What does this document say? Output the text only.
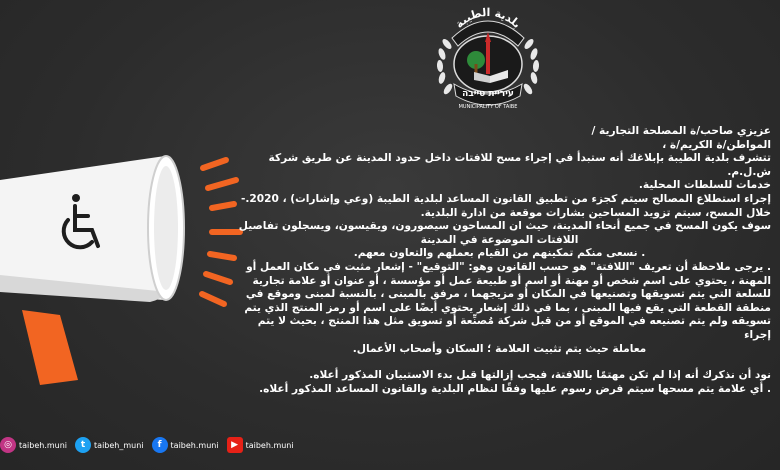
بلدية الطيبة
עיריית טייבה
MUNICIPALITY OF TAIBE

عزيزي صاحب/ة المصلحة التجارية /

المواطن/ة الكريم/ة ،

تتشرف بلدية الطيبة بإبلاغك أنه ستبدأ في إجراء مسح للافتات داخل حدود المدينة عن طريق شركة ش.ل.م.

خدمات للسلطات المحلية.

إجراء استطلاع المصالح سيتم كجزء من تطبيق القانون المساعد لبلدية الطيبة (وعي وإشارات) ، 2020.-

خلال المسح، سيتم تزويد المساحين بشارات موقعة من ادارة البلدية.

سوف يكون المسح في جميع أنحاء المدينة، حيث ان المساحون سيصورون، ويقيسون، ويسجلون تفاصيل

اللافتات الموضوعة في المدينة

. نسعى منكم تمكينهم من القيام بعملهم والتعاون معهم.

. يرجى ملاحظة أن تعريف "اللافتة" هو حسب القانون وهو: "التوقيع" - إشعار مثبت في مكان العمل أو

المهنة ، يحتوي على اسم شخص أو مهنة أو اسم أو طبيعة عمل أو مؤسسة ، أو عنوان أو علامة تجارية

للسلعة التي يتم تسويقها وتصنيعها في المكان أو مزيجهما ، مرفق بالمبنى ، بالنسبة لمبنى وموقع في

منطقة القطعة التي يقع فيها المبنى ، بما في ذلك إشعار يحتوي أيضًا على اسم أو رمز المنتج الذي يتم

تسويقه ولم يتم تصنيعه في الموقع أو من قبل شركة مُصنِّعة أو تسويق مثل هذا المنتج ، بحيث لا يتم إجراء

معاملة حيث يتم تثبيت العلامة ؛ السكان وأصحاب الأعمال.

نود أن نذكرك أنه إذا لم تكن مهتمًا باللافتة، فيجب إزالتها قبل بدء الاستبيان المذكور أعلاه.

. أي علامة يتم مسحها سيتم فرض رسوم عليها وفقًا لنظام البلدية والقانون المساعد المذكور أعلاه.

◎ taibeh.muni	t	taibeh_muni	f	taibeh.muni	▶ taibeh.muni
